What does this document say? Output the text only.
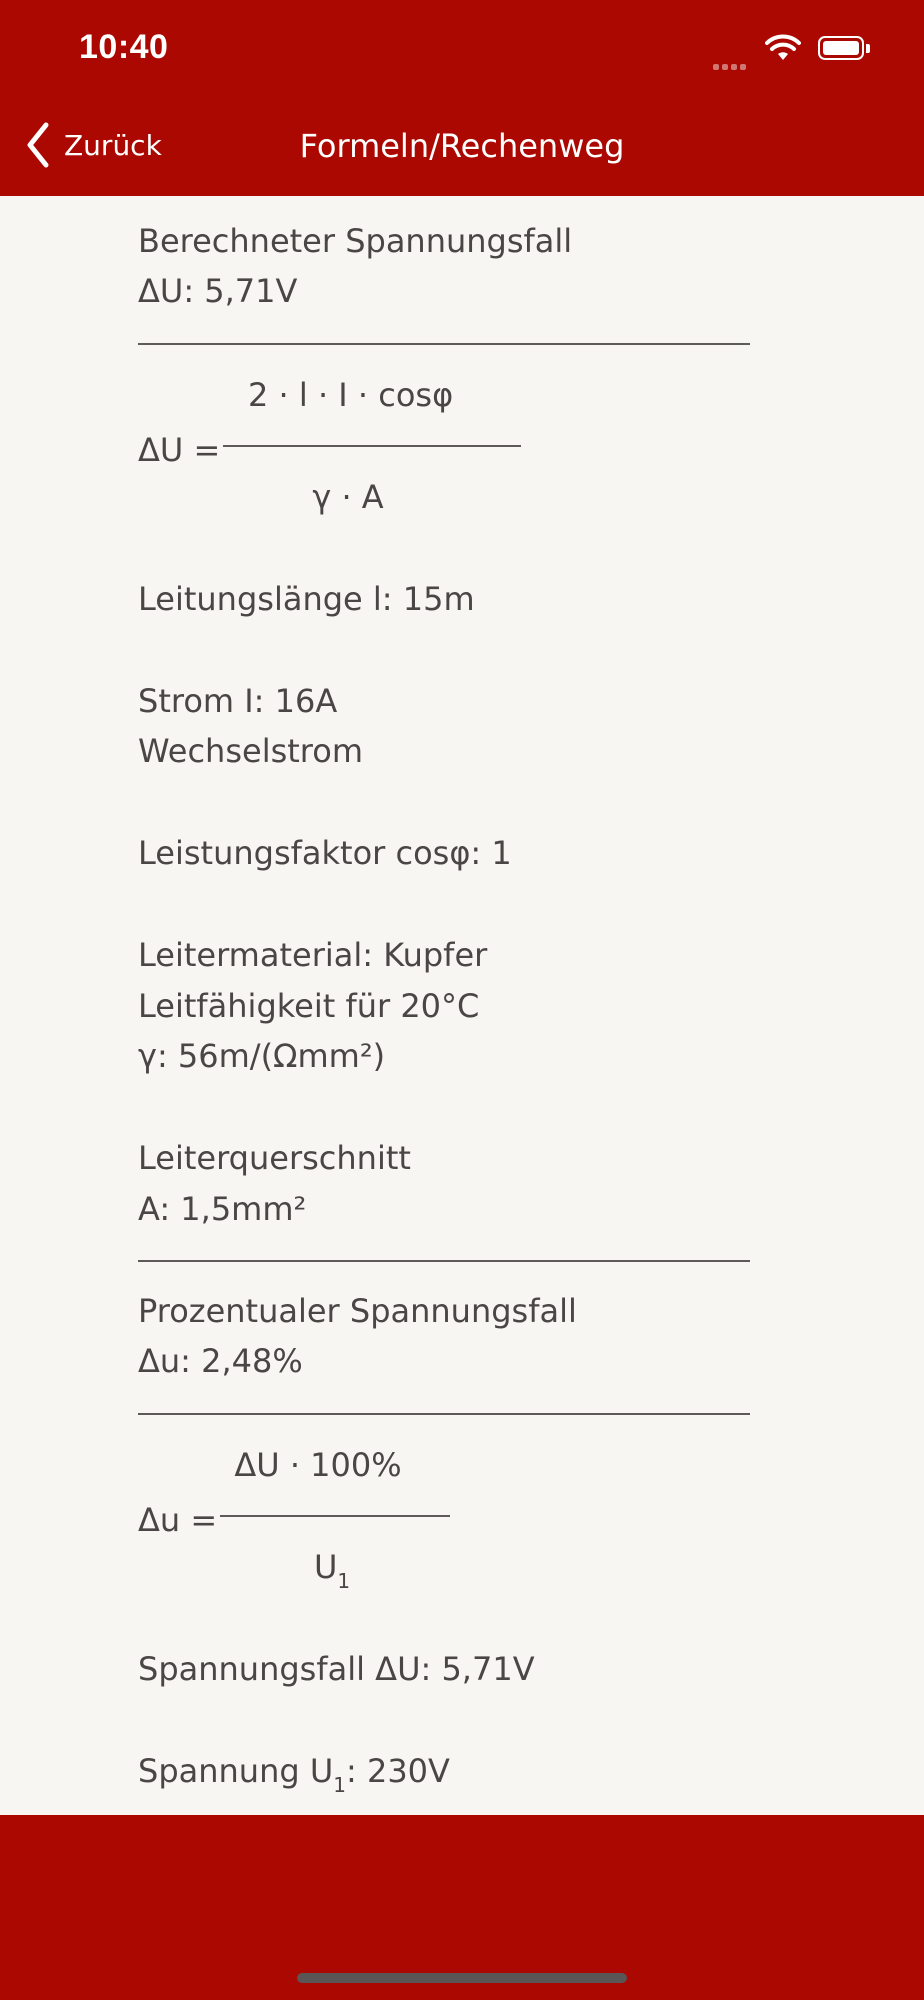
10:40
Zurück	Formeln/Rechenweg
Berechneter Spannungsfall
ΔU: 5,71V
ΔU =
2 · l · I · cosφ
γ · A
Leitungslänge l: 15m
Strom I: 16A
Wechselstrom
Leistungsfaktor cosφ: 1
Leitermaterial: Kupfer
Leitfähigkeit für 20°C
γ: 56m/(Ωmm²)
Leiterquerschnitt
A: 1,5mm²
Prozentualer Spannungsfall
Δu: 2,48%
Δu =
ΔU · 100%
$U_1$
Spannungsfall ΔU: 5,71V
Spannung $U_1$: 230V
